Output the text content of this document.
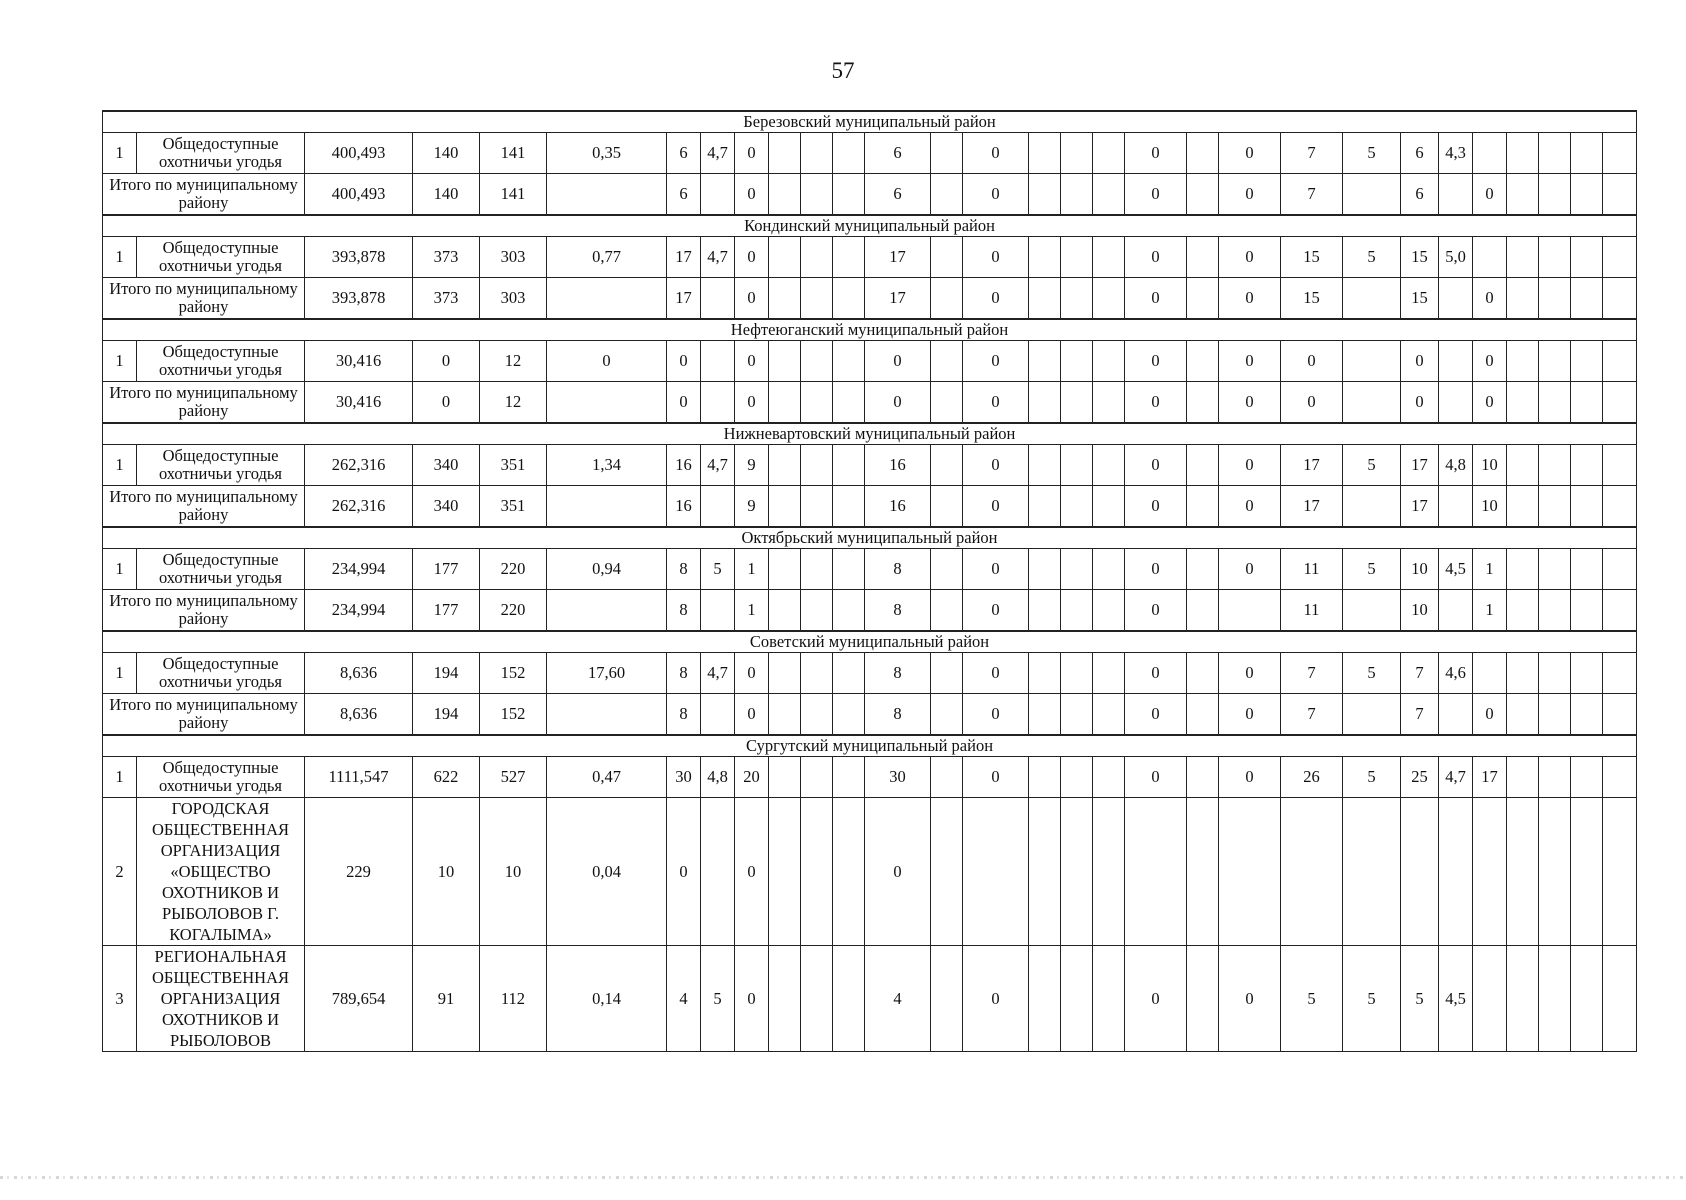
57
Березовский муниципальный район																													
1	Общедоступные охотничьи угодья	400,493	140	141	0,35	6	4,7	0				6		0				0		0	7	5	6	4,3					
Итого по муниципальному району		400,493	140	141		6		0				6		0				0		0	7		6		0				
Кондинский муниципальный район																													
1	Общедоступные охотничьи угодья	393,878	373	303	0,77	17	4,7	0				17		0				0		0	15	5	15	5,0					
Итого по муниципальному району		393,878	373	303		17		0				17		0				0		0	15		15		0				
Нефтеюганский муниципальный район																													
1	Общедоступные охотничьи угодья	30,416	0	12	0	0		0				0		0				0		0	0		0		0				
Итого по муниципальному району		30,416	0	12		0		0				0		0				0		0	0		0		0				
Нижневартовский муниципальный район																													
1	Общедоступные охотничьи угодья	262,316	340	351	1,34	16	4,7	9				16		0				0		0	17	5	17	4,8	10				
Итого по муниципальному району		262,316	340	351		16		9				16		0				0		0	17		17		10				
Октябрьский муниципальный район																													
1	Общедоступные охотничьи угодья	234,994	177	220	0,94	8	5	1				8		0				0		0	11	5	10	4,5	1				
Итого по муниципальному району		234,994	177	220		8		1				8		0				0			11		10		1				
Советский муниципальный район																													
1	Общедоступные охотничьи угодья	8,636	194	152	17,60	8	4,7	0				8		0				0		0	7	5	7	4,6					
Итого по муниципальному району		8,636	194	152		8		0				8		0				0		0	7		7		0				
Сургутский муниципальный район																													
1	Общедоступные охотничьи угодья	1111,547	622	527	0,47	30	4,8	20				30		0				0		0	26	5	25	4,7	17				
2	ГОРОДСКАЯ ОБЩЕСТВЕННАЯ ОРГАНИЗАЦИЯ «ОБЩЕСТВО ОХОТНИКОВ И РЫБОЛОВОВ Г. КОГАЛЫМА»	229	10	10	0,04	0		0				0																	
3	РЕГИОНАЛЬНАЯ ОБЩЕСТВЕННАЯ ОРГАНИЗАЦИЯ ОХОТНИКОВ И РЫБОЛОВОВ	789,654	91	112	0,14	4	5	0				4		0				0		0	5	5	5	4,5					
